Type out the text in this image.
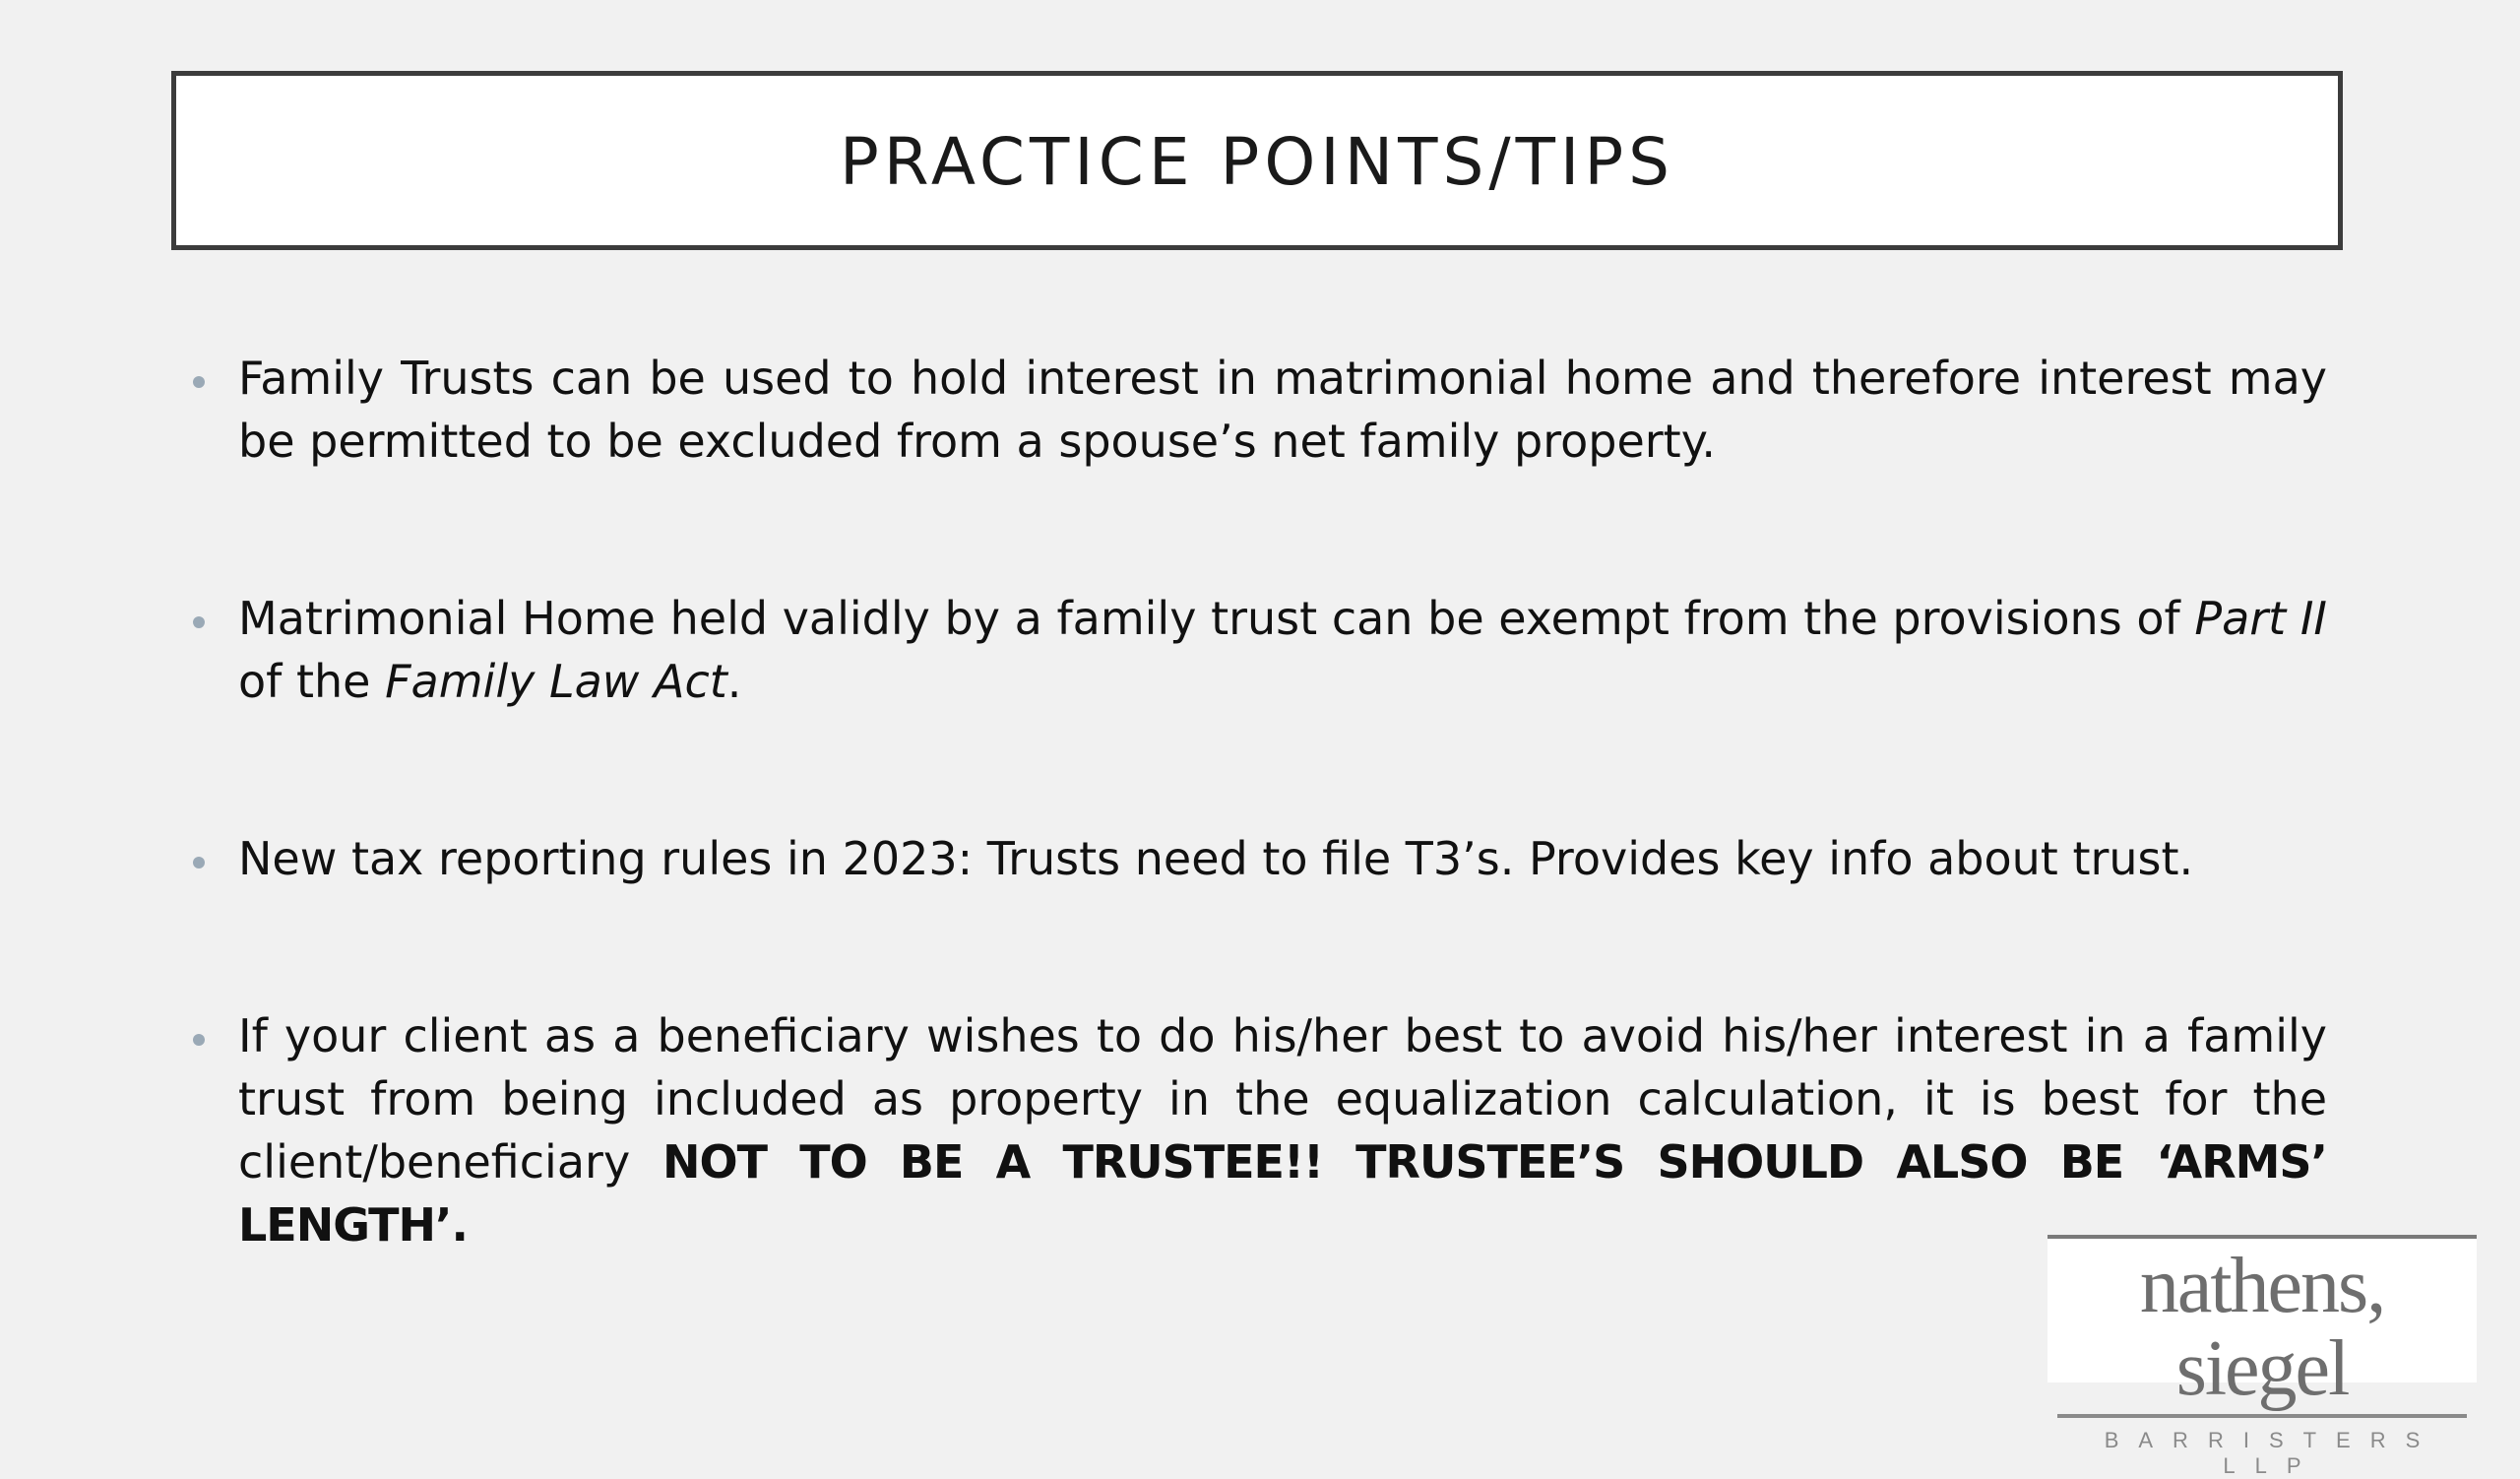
PRACTICE POINTS/TIPS
Family Trusts can be used to hold interest in matrimonial home and therefore interest may be permitted to be excluded from a spouse’s net family property.
Matrimonial Home held validly by a family trust can be exempt from the provisions of Part II of the Family Law Act.
New tax reporting rules in 2023: Trusts need to file T3’s. Provides key info about trust.
If your client as a beneficiary wishes to do his/her best to avoid his/her interest in a family trust from being included as property in the equalization calculation, it is best for the client/beneficiary NOT TO BE A TRUSTEE!! TRUSTEE’S SHOULD ALSO BE ‘ARMS’ LENGTH’.
nathens, siegel
BARRISTERS LLP
